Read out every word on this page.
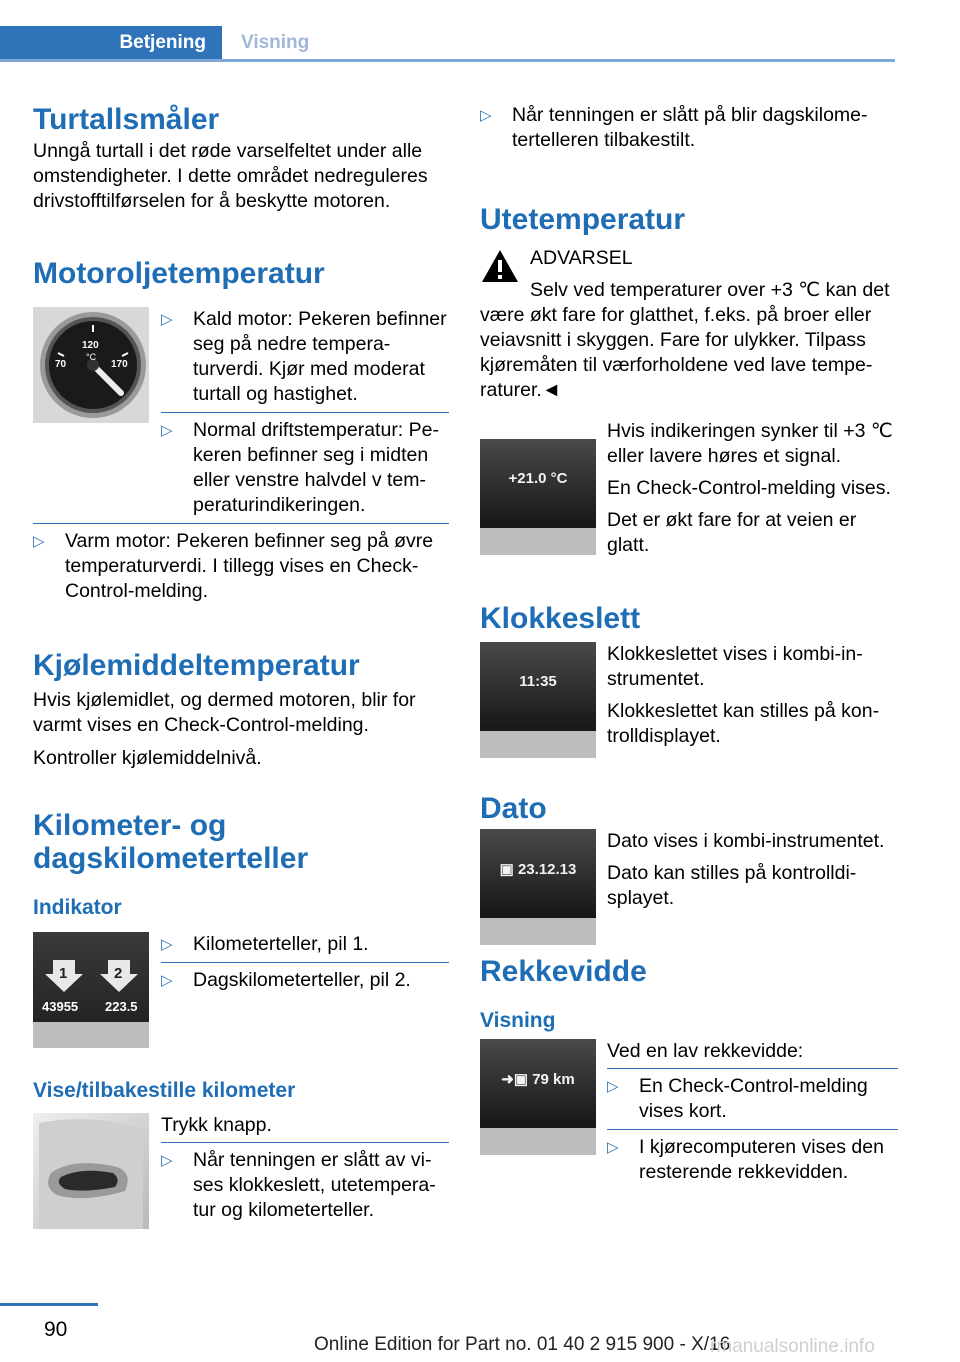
Betjening	Visning
Turtallsmåler

Unngå turtall i det røde varselfeltet under alle omstendigheter. I dette området nedreguleres drivstofftilførselen for å beskytte motoren.

Motoroljetemperatur
120
°C
70	170
▷	Kald motor: Pekeren befinner seg på nedre temperaturverdi. Kjør med moderat turtall og hastighet.
▷	Normal driftstemperatur: Pekeren befinner seg i midten eller venstre halvdel v temperaturindikeringen.
▷	Varm motor: Pekeren befinner seg på øvre temperaturverdi. I tillegg vises en Check-Control-melding.
Kjølemiddeltemperatur

Hvis kjølemidlet, og dermed motoren, blir for varmt vises en Check-Control-melding.

Kontroller kjølemiddelnivå.

Kilometer- og dagskilometerteller
Indikator
1	2
43955 223.5
▷	Kilometerteller, pil 1.
▷	Dagskilometerteller, pil 2.
Vise/tilbakestille kilometer

Trykk knapp.

▷	Når tenningen er slått av vises klokkeslett, utetemperatur og kilometerteller.
▷	Når tenningen er slått på blir dagskilometertelleren tilbakestilt.
Utetemperatur

ADVARSEL

Selv ved temperaturer over +3 ℃ kan det være økt fare for glatthet, f.eks. på broer eller veiavsnitt i skyggen. Fare for ulykker. Tilpass kjøremåten til værforholdene ved lave temperaturer.◄

+21.0 °C

Hvis indikeringen synker til +3 ℃ eller lavere høres et signal.

En Check-Control-melding vises.

Det er økt fare for at veien er glatt.

Klokkeslett
11:35

Klokkeslettet vises i kombi-instrumentet.

Klokkeslettet kan stilles på kontrolldisplayet.

Dato
▣ 23.12.13

Dato vises i kombi-instrumentet.

Dato kan stilles på kontrolldisplayet.

Rekkevidde
Visning
➜▣ 79 km

Ved en lav rekkevidde:

▷	En Check-Control-melding vises kort.
▷	I kjørecomputeren vises den resterende rekkevidden.
90
Online Edition for Part no. 01 40 2 915 900 - X/16
rmanualsonline.info
